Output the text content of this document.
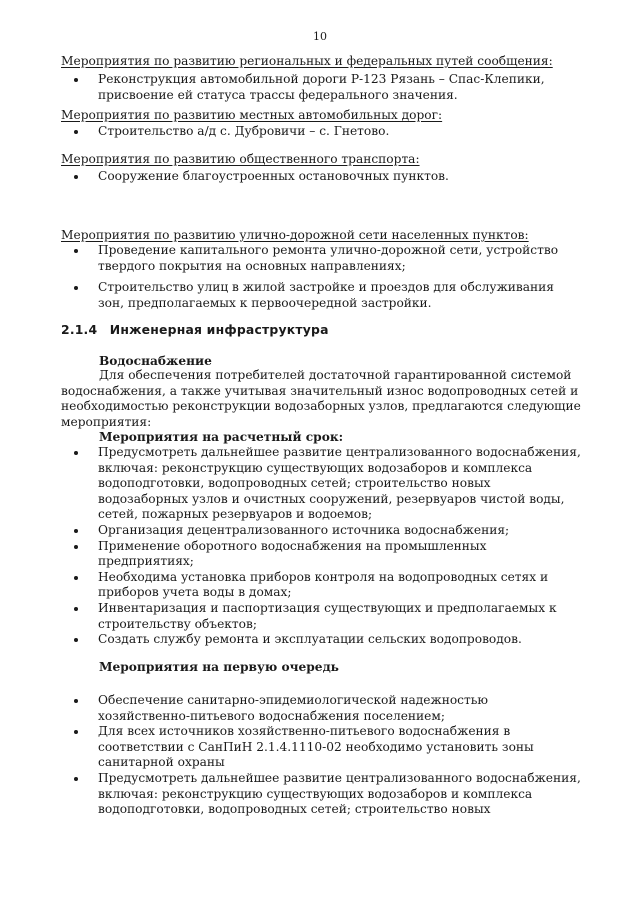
10
Мероприятия по развитию региональных и федеральных путей сообщения:
Реконструкция автомобильной дороги Р-123 Рязань – Спас-Клепики, присвоение ей статуса трассы федерального значения.
Мероприятия по развитию местных автомобильных дорог:
Строительство а/д с. Дубровичи – с. Гнетово.
Мероприятия по развитию общественного транспорта:
Сооружение благоустроенных остановочных пунктов.
Мероприятия по развитию улично-дорожной сети населенных пунктов:
Проведение капитального ремонта улично-дорожной сети, устройство твердого покрытия на основных направлениях;
Строительство улиц в жилой застройке и проездов для обслуживания зон, предполагаемых к первоочередной застройки.
2.1.4 Инженерная инфраструктура
Водоснабжение

Для обеспечения потребителей достаточной гарантированной системой водоснабжения, а также учитывая значительный износ водопроводных сетей и необходимостью реконструкции водозаборных узлов, предлагаются следующие мероприятия:

Мероприятия на расчетный срок:
Предусмотреть дальнейшее развитие централизованного водоснабжения, включая: реконструкцию существующих водозаборов и комплекса водоподготовки, водопроводных сетей; строительство новых водозаборных узлов и очистных сооружений, резервуаров чистой воды, сетей, пожарных резервуаров и водоемов;
Организация децентрализованного источника водоснабжения;
Применение оборотного водоснабжения на промышленных предприятиях;
Необходима установка приборов контроля на водопроводных сетях и приборов учета воды в домах;
Инвентаризация и паспортизация существующих и предполагаемых к строительству объектов;
Создать службу ремонта и эксплуатации сельских водопроводов.
Мероприятия на первую очередь
Обеспечение санитарно-эпидемиологической надежностью хозяйственно-питьевого водоснабжения поселением;
Для всех источников хозяйственно-питьевого водоснабжения в соответствии с СанПиН 2.1.4.1110-02 необходимо установить зоны санитарной охраны
Предусмотреть дальнейшее развитие централизованного водоснабжения, включая: реконструкцию существующих водозаборов и комплекса водоподготовки, водопроводных сетей; строительство новых
